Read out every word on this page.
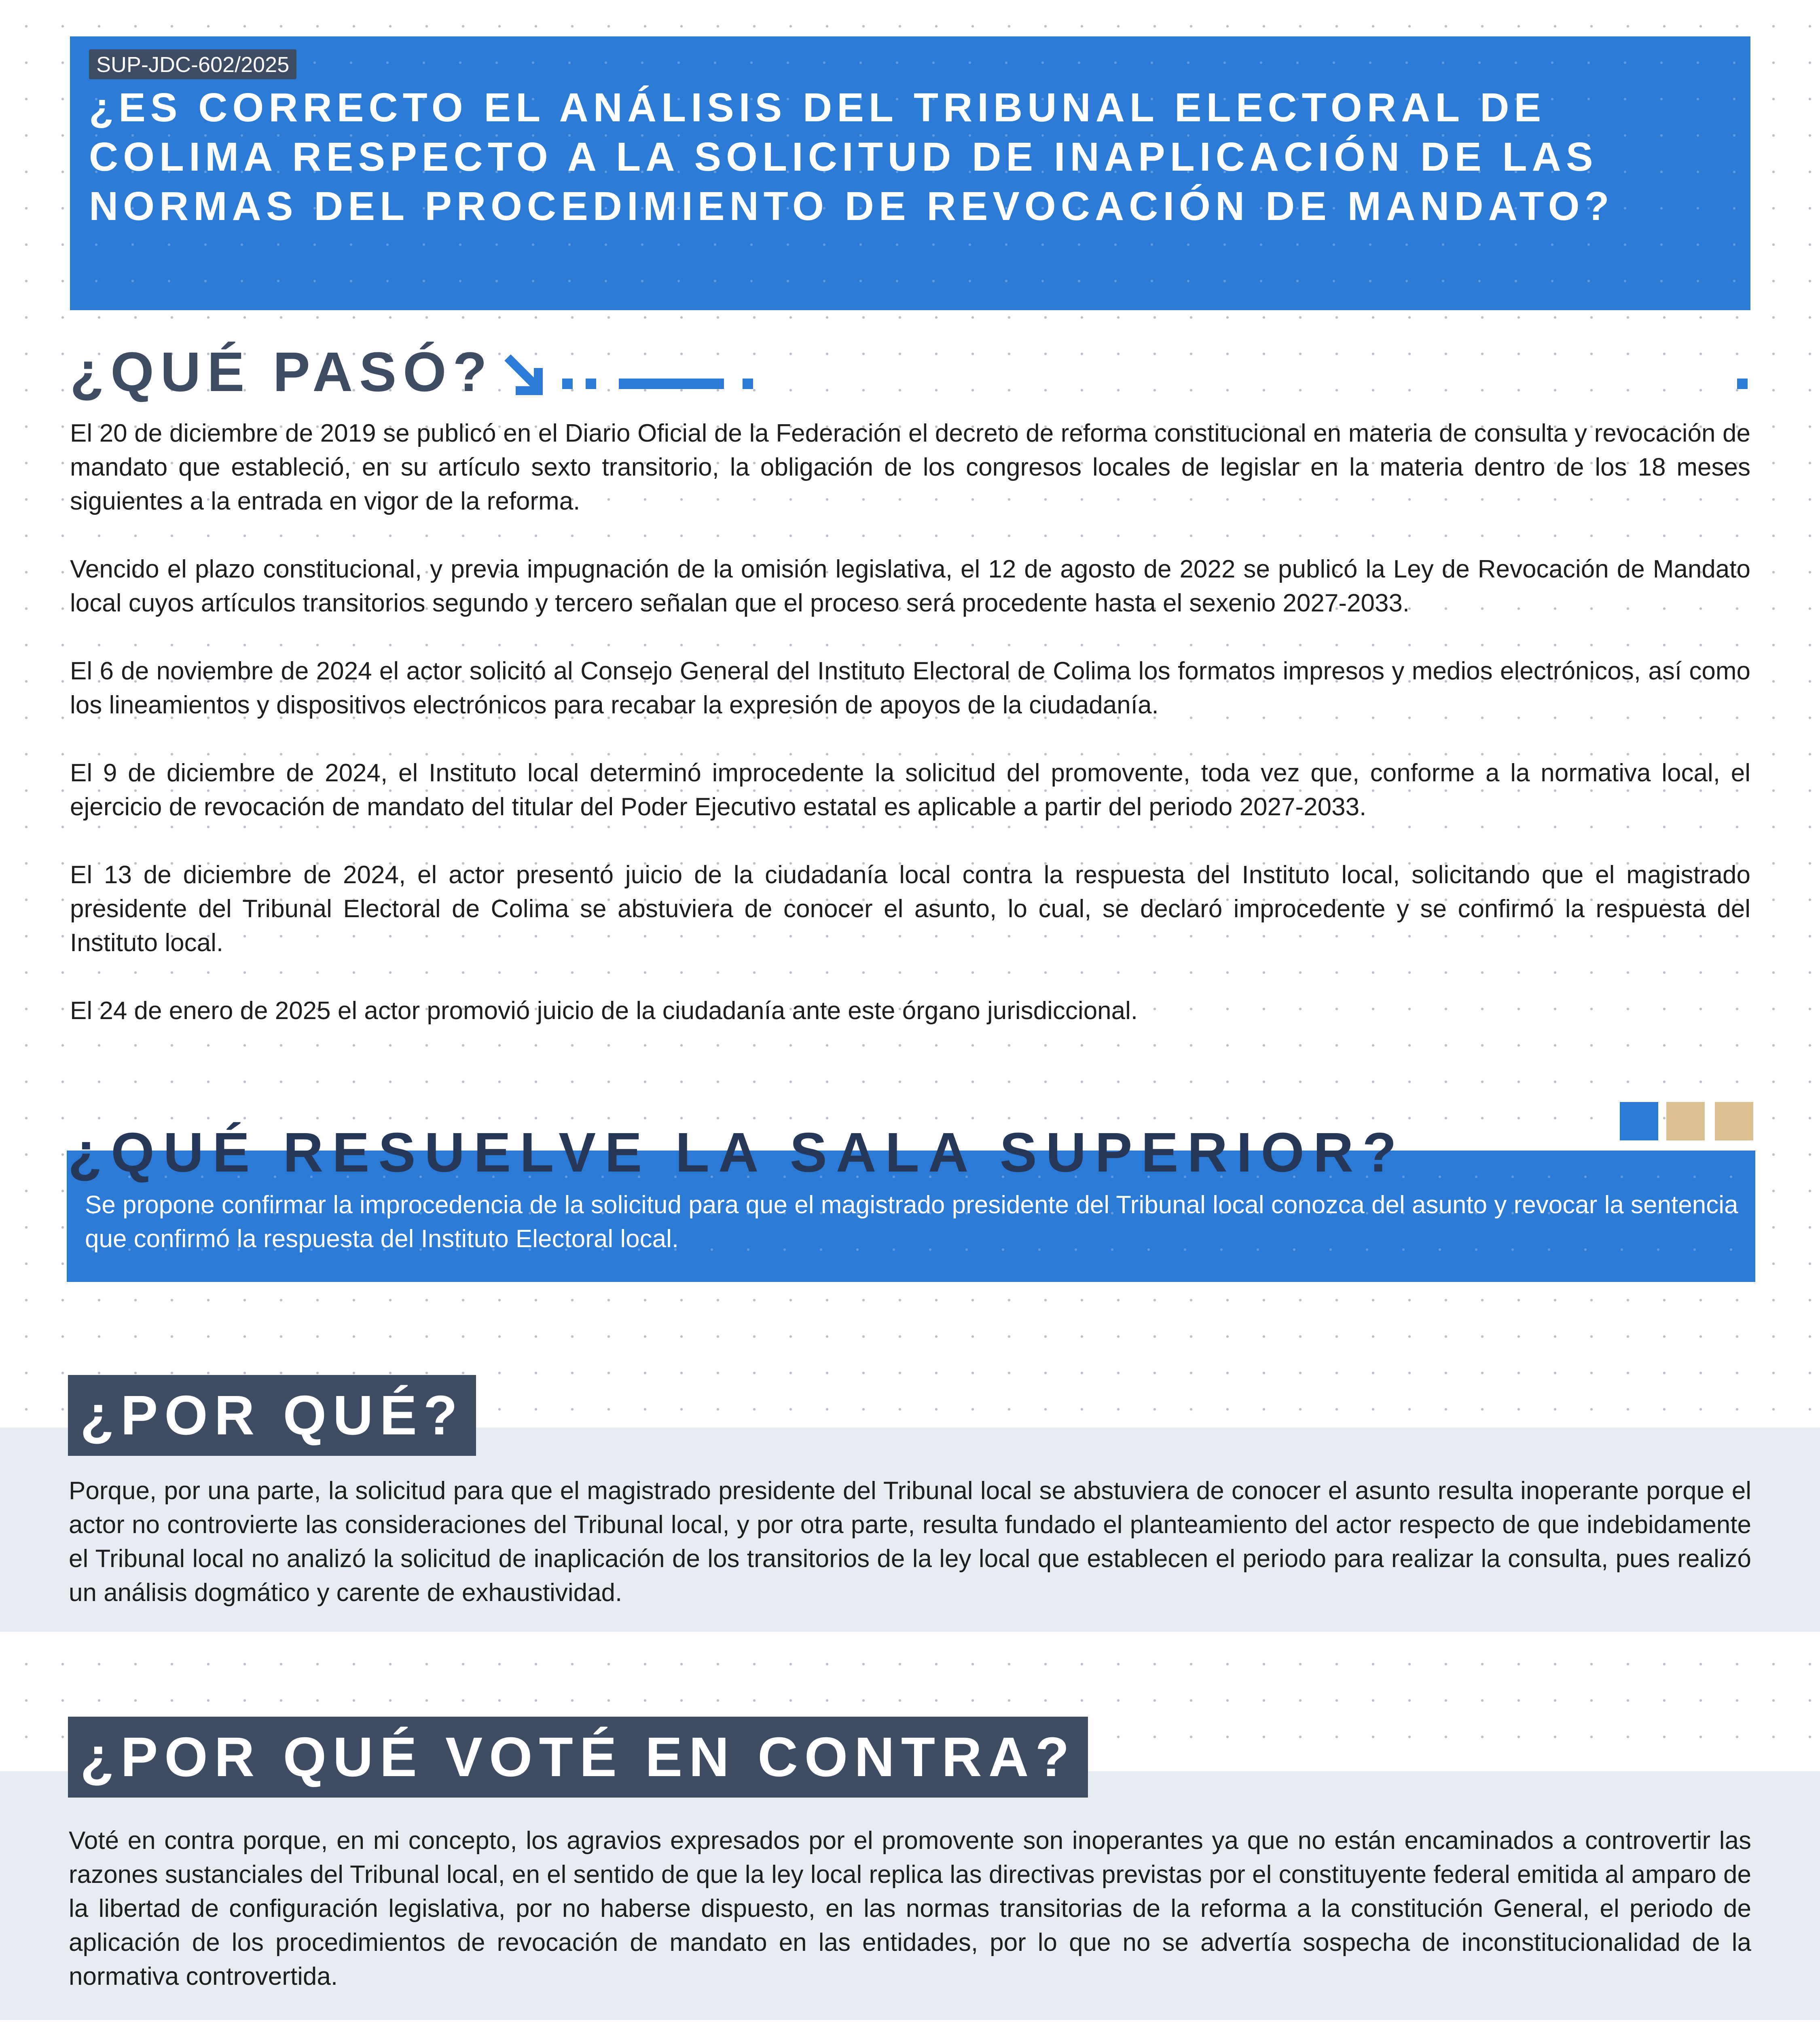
SUP-JDC-602/2025
¿ES CORRECTO EL ANÁLISIS DEL TRIBUNAL ELECTORAL DE COLIMA RESPECTO A LA SOLICITUD DE INAPLICACIÓN DE LAS NORMAS DEL PROCEDIMIENTO DE REVOCACIÓN DE MANDATO?
¿QUÉ PASÓ?

El 20 de diciembre de 2019 se publicó en el Diario Oficial de la Federación el decreto de reforma constitucional en materia de consulta y revocación de mandato que estableció, en su artículo sexto transitorio, la obligación de los congresos locales de legislar en la materia dentro de los 18 meses siguientes a la entrada en vigor de la reforma.

Vencido el plazo constitucional, y previa impugnación de la omisión legislativa, el 12 de agosto de 2022 se publicó la Ley de Revocación de Mandato local cuyos artículos transitorios segundo y tercero señalan que el proceso será procedente hasta el sexenio 2027-2033.

El 6 de noviembre de 2024 el actor solicitó al Consejo General del Instituto Electoral de Colima los formatos impresos y medios electrónicos, así como los lineamientos y dispositivos electrónicos para recabar la expresión de apoyos de la ciudadanía.

El 9 de diciembre de 2024, el Instituto local determinó improcedente la solicitud del promovente, toda vez que, conforme a la normativa local, el ejercicio de revocación de mandato del titular del Poder Ejecutivo estatal es aplicable a partir del periodo 2027-2033.

El 13 de diciembre de 2024, el actor presentó juicio de la ciudadanía local contra la respuesta del Instituto local, solicitando que el magistrado presidente del Tribunal Electoral de Colima se abstuviera de conocer el asunto, lo cual, se declaró improcedente y se confirmó la respuesta del Instituto local.

El 24 de enero de 2025 el actor promovió juicio de la ciudadanía ante este órgano jurisdiccional.

¿QUÉ RESUELVE LA SALA SUPERIOR?

Se propone confirmar la improcedencia de la solicitud para que el magistrado presidente del Tribunal local conozca del asunto y revocar la sentencia que confirmó la respuesta del Instituto Electoral local.

¿POR QUÉ?

Porque, por una parte, la solicitud para que el magistrado presidente del Tribunal local se abstuviera de conocer el asunto resulta inoperante porque el actor no controvierte las consideraciones del Tribunal local, y por otra parte, resulta fundado el planteamiento del actor respecto de que indebidamente el Tribunal local no analizó la solicitud de inaplicación de los transitorios de la ley local que establecen el periodo para realizar la consulta, pues realizó un análisis dogmático y carente de exhaustividad.

¿POR QUÉ VOTÉ EN CONTRA?

Voté en contra porque, en mi concepto, los agravios expresados por el promovente son inoperantes ya que no están encaminados a controvertir las razones sustanciales del Tribunal local, en el sentido de que la ley local replica las directivas previstas por el constituyente federal emitida al amparo de la libertad de configuración legislativa, por no haberse dispuesto, en las normas transitorias de la reforma a la constitución General, el periodo de aplicación de los procedimientos de revocación de mandato en las entidades, por lo que no se advertía sospecha de inconstitucionalidad de la normativa controvertida.
